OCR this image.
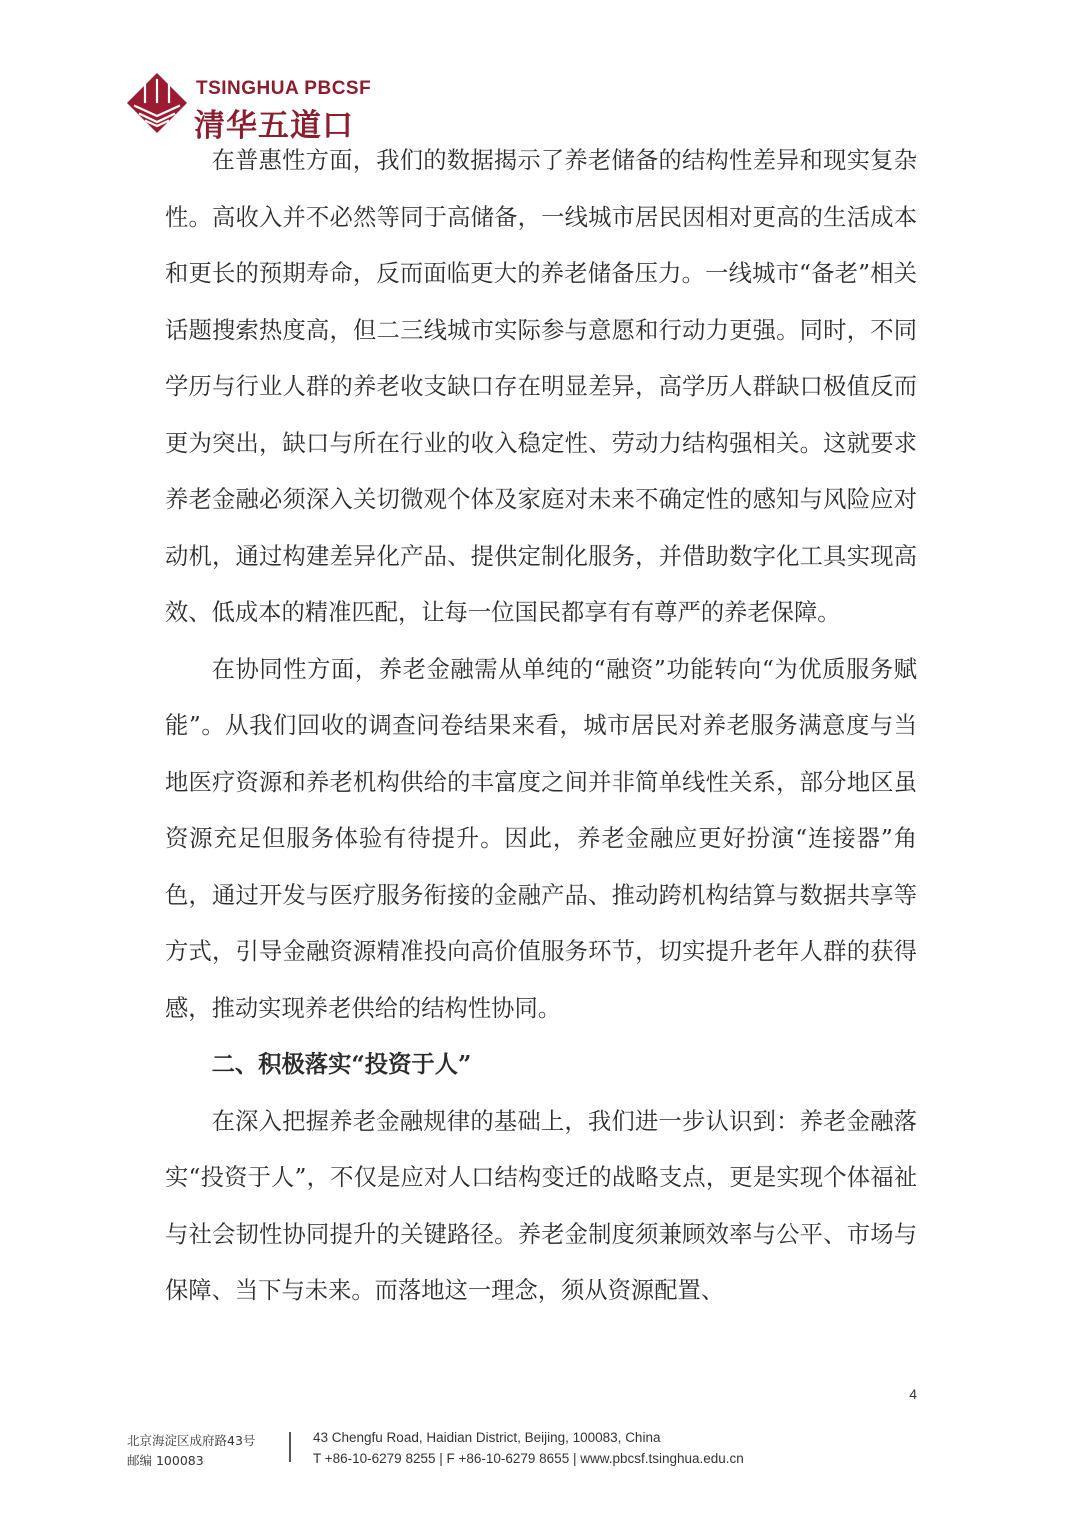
TSINGHUA PBCSF
清华五道口

在普惠性方面，我们的数据揭示了养老储备的结构性差异和现实复杂性。高收入并不必然等同于高储备，一线城市居民因相对更高的生活成本和更长的预期寿命，反而面临更大的养老储备压力。一线城市“备老”相关话题搜索热度高，但二三线城市实际参与意愿和行动力更强。同时，不同学历与行业人群的养老收支缺口存在明显差异，高学历人群缺口极值反而更为突出，缺口与所在行业的收入稳定性、劳动力结构强相关。这就要求养老金融必须深入关切微观个体及家庭对未来不确定性的感知与风险应对动机，通过构建差异化产品、提供定制化服务，并借助数字化工具实现高效、低成本的精准匹配，让每一位国民都享有有尊严的养老保障。

在协同性方面，养老金融需从单纯的“融资”功能转向“为优质服务赋能”。从我们回收的调查问卷结果来看，城市居民对养老服务满意度与当地医疗资源和养老机构供给的丰富度之间并非简单线性关系，部分地区虽资源充足但服务体验有待提升。因此，养老金融应更好扮演“连接器”角色，通过开发与医疗服务衔接的金融产品、推动跨机构结算与数据共享等方式，引导金融资源精准投向高价值服务环节，切实提升老年人群的获得感，推动实现养老供给的结构性协同。

二、积极落实“投资于人”

在深入把握养老金融规律的基础上，我们进一步认识到：养老金融落实“投资于人”，不仅是应对人口结构变迁的战略支点，更是实现个体福祉与社会韧性协同提升的关键路径。养老金制度须兼顾效率与公平、市场与保障、当下与未来。而落地这一理念，须从资源配置、

4
北京海淀区成府路43号
邮编 100083
43 Chengfu Road, Haidian District, Beijing, 100083, China
T +86-10-6279 8255 | F +86-10-6279 8655 | www.pbcsf.tsinghua.edu.cn
